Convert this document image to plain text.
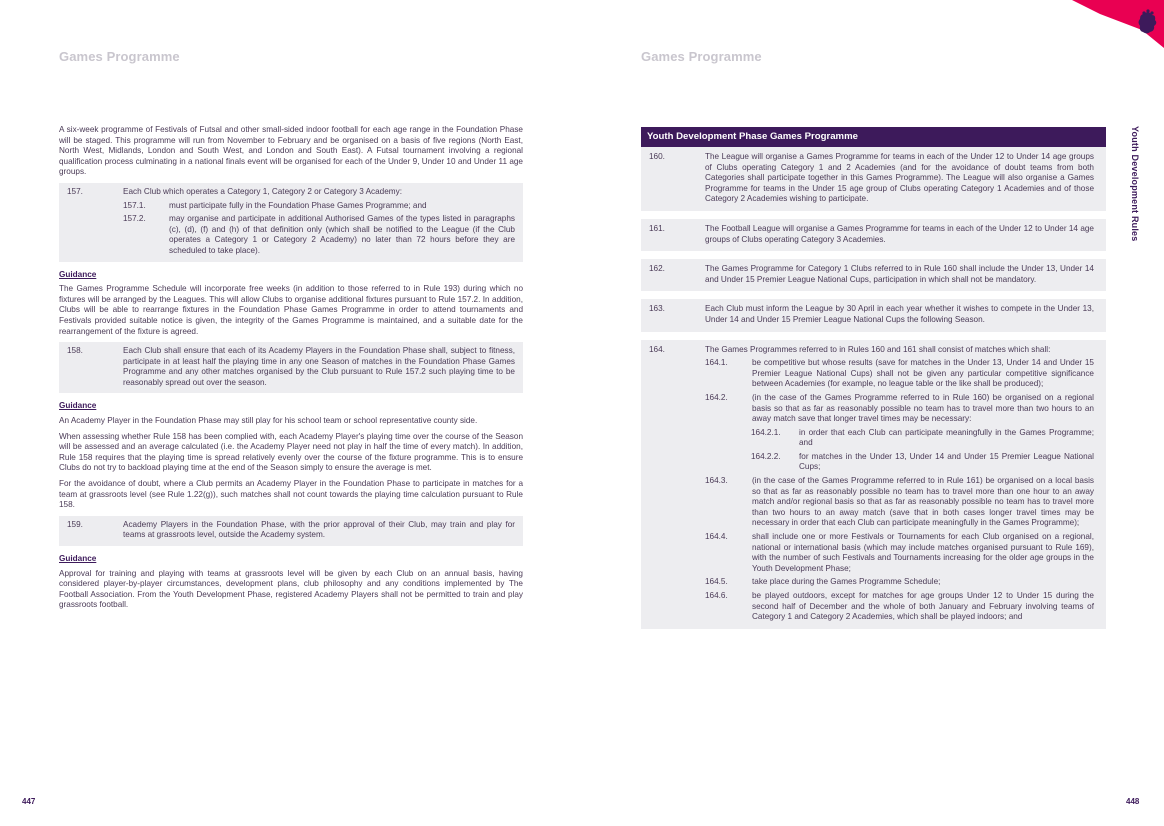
Games Programme	Games Programme
Youth Development Rules

A six-week programme of Festivals of Futsal and other small-sided indoor football for each age range in the Foundation Phase will be staged. This programme will run from November to February and be organised on a basis of five regions (North East, North West, Midlands, London and South West, and London and South East). A Futsal tournament involving a regional qualification process culminating in a national finals event will be organised for each of the Under 9, Under 10 and Under 11 age groups.

157.	Each Club which operates a Category 1, Category 2 or Category 3 Academy:
157.1.	must participate fully in the Foundation Phase Games Programme; and
157.2.	may organise and participate in additional Authorised Games of the types listed in paragraphs (c), (d), (f) and (h) of that definition only (which shall be notified to the League (if the Club operates a Category 1 or Category 2 Academy) no later than 72 hours before they are scheduled to take place).
Guidance

The Games Programme Schedule will incorporate free weeks (in addition to those referred to in Rule 193) during which no fixtures will be arranged by the Leagues. This will allow Clubs to organise additional fixtures pursuant to Rule 157.2. In addition, Clubs will be able to rearrange fixtures in the Foundation Phase Games Programme in order to attend tournaments and Festivals provided suitable notice is given, the integrity of the Games Programme is maintained, and a suitable date for the rearrangement of the fixture is agreed.

158.	Each Club shall ensure that each of its Academy Players in the Foundation Phase shall, subject to fitness, participate in at least half the playing time in any one Season of matches in the Foundation Phase Games Programme and any other matches organised by the Club pursuant to Rule 157.2 such playing time to be reasonably spread out over the season.
Guidance

An Academy Player in the Foundation Phase may still play for his school team or school representative county side.

When assessing whether Rule 158 has been complied with, each Academy Player's playing time over the course of the Season will be assessed and an average calculated (i.e. the Academy Player need not play in half the time of every match). In addition, Rule 158 requires that the playing time is spread relatively evenly over the course of the fixture programme. This is to ensure Clubs do not try to backload playing time at the end of the Season simply to ensure the average is met.

For the avoidance of doubt, where a Club permits an Academy Player in the Foundation Phase to participate in matches for a team at grassroots level (see Rule 1.22(g)), such matches shall not count towards the playing time calculation pursuant to Rule 158.

159.	Academy Players in the Foundation Phase, with the prior approval of their Club, may train and play for teams at grassroots level, outside the Academy system.
Guidance

Approval for training and playing with teams at grassroots level will be given by each Club on an annual basis, having considered player-by-player circumstances, development plans, club philosophy and any conditions implemented by The Football Association. From the Youth Development Phase, registered Academy Players shall not be permitted to train and play grassroots football.

Youth Development Phase Games Programme
160.	The League will organise a Games Programme for teams in each of the Under 12 to Under 14 age groups of Clubs operating Category 1 and 2 Academies (and for the avoidance of doubt teams from both Categories shall participate together in this Games Programme). The League will also organise a Games Programme for teams in the Under 15 age group of Clubs operating Category 1 Academies and of those Category 2 Academies wishing to participate.
161.	The Football League will organise a Games Programme for teams in each of the Under 12 to Under 14 age groups of Clubs operating Category 3 Academies.
162.	The Games Programme for Category 1 Clubs referred to in Rule 160 shall include the Under 13, Under 14 and Under 15 Premier League National Cups, participation in which shall not be mandatory.
163.	Each Club must inform the League by 30 April in each year whether it wishes to compete in the Under 13, Under 14 and Under 15 Premier League National Cups the following Season.
164.	The Games Programmes referred to in Rules 160 and 161 shall consist of matches which shall:
164.1.	be competitive but whose results (save for matches in the Under 13, Under 14 and Under 15 Premier League National Cups) shall not be given any particular competitive significance between Academies (for example, no league table or the like shall be produced);
164.2.	(in the case of the Games Programme referred to in Rule 160) be organised on a regional basis so that as far as reasonably possible no team has to travel more than two hours to an away match save that longer travel times may be necessary:
164.2.1.	in order that each Club can participate meaningfully in the Games Programme; and
164.2.2.	for matches in the Under 13, Under 14 and Under 15 Premier League National Cups;
164.3.	(in the case of the Games Programme referred to in Rule 161) be organised on a local basis so that as far as reasonably possible no team has to travel more than one hour to an away match and/or regional basis so that as far as reasonably possible no team has to travel more than two hours to an away match (save that in both cases longer travel times may be necessary in order that each Club can participate meaningfully in the Games Programme);
164.4.	shall include one or more Festivals or Tournaments for each Club organised on a regional, national or international basis (which may include matches organised pursuant to Rule 169), with the number of such Festivals and Tournaments increasing for the older age groups in the Youth Development Phase;
164.5.	take place during the Games Programme Schedule;
164.6.	be played outdoors, except for matches for age groups Under 12 to Under 15 during the second half of December and the whole of both January and February involving teams of Category 1 and Category 2 Academies, which shall be played indoors; and
447	448
